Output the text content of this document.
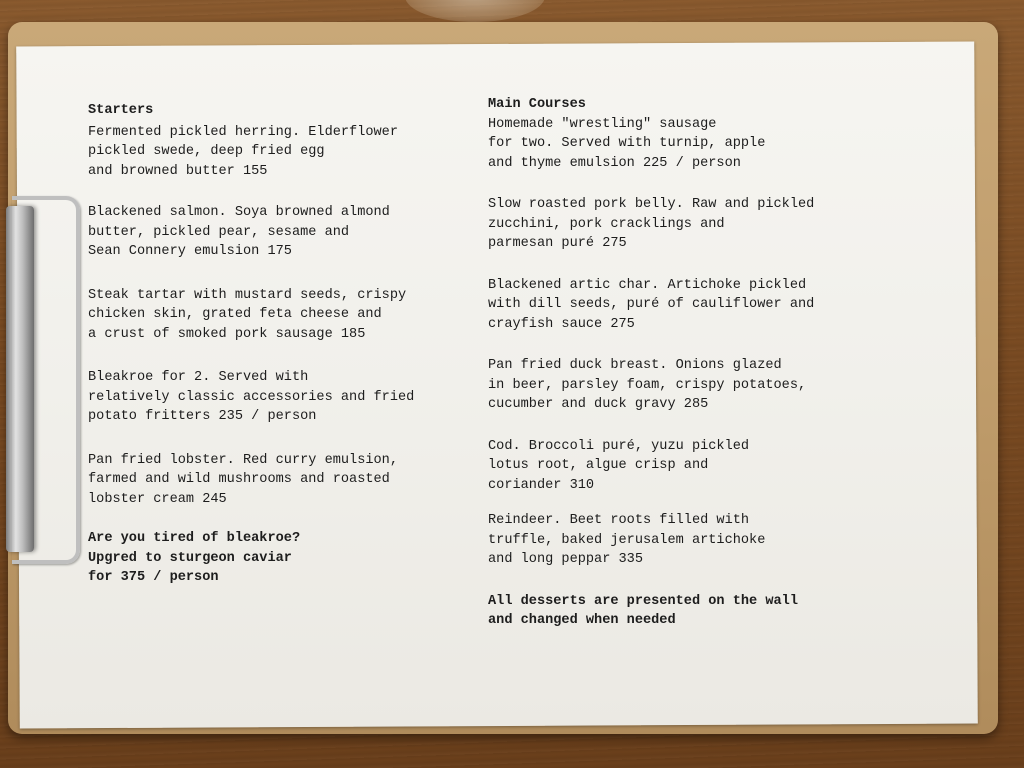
Starters
Fermented pickled herring. Elderflower
pickled swede, deep fried egg
and browned butter 155
Blackened salmon. Soya browned almond
butter, pickled pear, sesame and
Sean Connery emulsion 175
Steak tartar with mustard seeds, crispy
chicken skin, grated feta cheese and
a crust of smoked pork sausage 185
Bleakroe for 2. Served with
relatively classic accessories and fried
potato fritters 235 / person
Pan fried lobster. Red curry emulsion,
farmed and wild mushrooms and roasted
lobster cream 245
Are you tired of bleakroe?
Upgred to sturgeon caviar
for 375 / person
Main Courses
Homemade "wrestling" sausage
for two. Served with turnip, apple
and thyme emulsion 225 / person
Slow roasted pork belly. Raw and pickled
zucchini, pork cracklings and
parmesan puré 275
Blackened artic char. Artichoke pickled
with dill seeds, puré of cauliflower and
crayfish sauce 275
Pan fried duck breast. Onions glazed
in beer, parsley foam, crispy potatoes,
cucumber and duck gravy 285
Cod. Broccoli puré, yuzu pickled
lotus root, algue crisp and
coriander 310
Reindeer. Beet roots filled with
truffle, baked jerusalem artichoke
and long peppar 335
All desserts are presented on the wall
and changed when needed
